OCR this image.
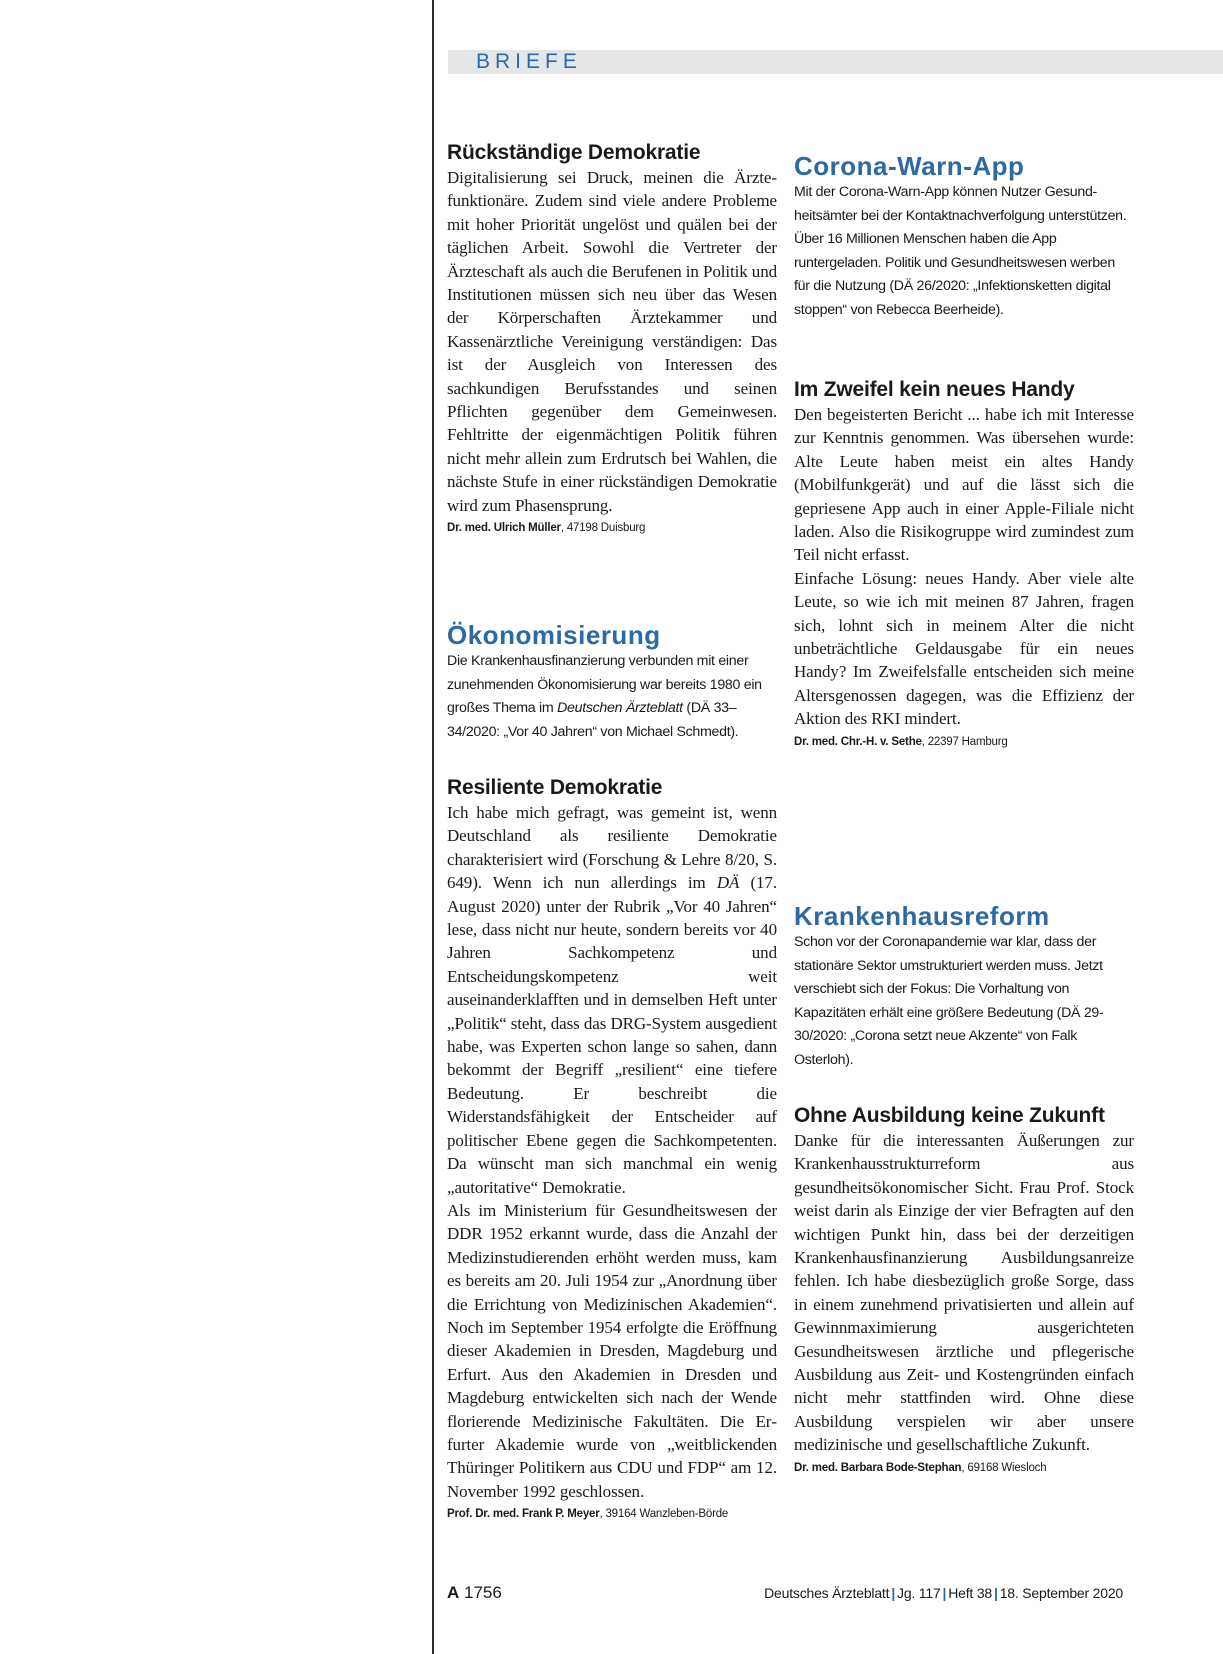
BRIEFE
Rückständige Demokratie

Digitalisierung sei Druck, meinen die Ärztefunktionäre. Zudem sind viele andere Probleme mit hoher Priorität ungelöst und quälen bei der täglichen Arbeit. Sowohl die Vertreter der Ärzteschaft als auch die Berufenen in Politik und Institutionen müssen sich neu über das Wesen der Körperschaften Ärztekammer und Kassenärztliche Vereinigung verständigen: Das ist der Ausgleich von Interessen des sachkundigen Berufsstandes und seinen Pflichten gegenüber dem Gemeinwesen. Fehltritte der eigenmächtigen Politik führen nicht mehr allein zum Erdrutsch bei Wahlen, die nächste Stufe in einer rückständigen Demokratie wird zum Phasensprung.

Dr. med. Ulrich Müller, 47198 Duisburg

Ökonomisierung

Die Krankenhausfinanzierung verbunden mit einer zunehmenden Ökonomisierung war bereits 1980 ein großes Thema im Deutschen Ärzteblatt (DÄ 33–34/2020: „Vor 40 Jahren“ von Michael Schmedt).

Resiliente Demokratie

Ich habe mich gefragt, was gemeint ist, wenn Deutschland als resiliente Demokratie charakterisiert wird (Forschung & Lehre 8/20, S. 649). Wenn ich nun allerdings im DÄ (17. August 2020) unter der Rubrik „Vor 40 Jahren“ lese, dass nicht nur heute, sondern bereits vor 40 Jahren Sachkompetenz und Entscheidungskompetenz weit auseinanderklafften und in demselben Heft unter „Politik“ steht, dass das DRG-System ausgedient habe, was Experten schon lange so sahen, dann bekommt der Begriff „resilient“ eine tiefere Bedeutung. Er beschreibt die Widerstandsfähigkeit der Entscheider auf politischer Ebene gegen die Sachkompetenten. Da wünscht man sich manchmal ein wenig „autoritative“ Demokratie.

Als im Ministerium für Gesundheitswesen der DDR 1952 erkannt wurde, dass die Anzahl der Medizinstudierenden erhöht werden muss, kam es bereits am 20. Juli 1954 zur „Anordnung über die Errichtung von Medizinischen Akademien“. Noch im September 1954 erfolgte die Eröffnung dieser Akademien in Dresden, Magdeburg und Erfurt. Aus den Akademien in Dresden und Magdeburg entwickelten sich nach der Wende florierende Medizinische Fakultäten. Die Erfurter Akademie wurde von „weitblickenden Thüringer Politikern aus CDU und FDP“ am 12. November 1992 geschlossen.

Prof. Dr. med. Frank P. Meyer, 39164 Wanzleben-Börde

Corona-Warn-App

Mit der Corona-Warn-App können Nutzer Gesundheitsämter bei der Kontaktnachverfolgung unterstützen. Über 16 Millionen Menschen haben die App runtergeladen. Politik und Gesundheitswesen werben für die Nutzung (DÄ 26/2020: „Infektionsketten digital stoppen“ von Rebecca Beerheide).

Im Zweifel kein neues Handy

Den begeisterten Bericht ... habe ich mit Interesse zur Kenntnis genommen. Was übersehen wurde: Alte Leute haben meist ein altes Handy (Mobilfunkgerät) und auf die lässt sich die gepriesene App auch in einer Apple-Filiale nicht laden. Also die Risikogruppe wird zumindest zum Teil nicht erfasst.

Einfache Lösung: neues Handy. Aber viele alte Leute, so wie ich mit meinen 87 Jahren, fragen sich, lohnt sich in meinem Alter die nicht unbeträchtliche Geldausgabe für ein neues Handy? Im Zweifelsfalle entscheiden sich meine Altersgenossen dagegen, was die Effizienz der Aktion des RKI mindert.

Dr. med. Chr.-H. v. Sethe, 22397 Hamburg

Krankenhausreform

Schon vor der Coronapandemie war klar, dass der stationäre Sektor umstrukturiert werden muss. Jetzt verschiebt sich der Fokus: Die Vorhaltung von Kapazitäten erhält eine größere Bedeutung (DÄ 29-30/2020: „Corona setzt neue Akzente“ von Falk Osterloh).

Ohne Ausbildung keine Zukunft

Danke für die interessanten Äußerungen zur Krankenhausstrukturreform aus gesundheitsökonomischer Sicht. Frau Prof. Stock weist darin als Einzige der vier Befragten auf den wichtigen Punkt hin, dass bei der derzeitigen Krankenhausfinanzierung Ausbildungsanreize fehlen. Ich habe diesbezüglich große Sorge, dass in einem zunehmend privatisierten und allein auf Gewinnmaximierung ausgerichteten Gesundheitswesen ärztliche und pflegerische Ausbildung aus Zeit- und Kostengründen einfach nicht mehr stattfinden wird. Ohne diese Ausbildung verspielen wir aber unsere medizinische und gesellschaftliche Zukunft.

Dr. med. Barbara Bode-Stephan, 69168 Wiesloch

A 1756	Deutsches Ärzteblatt | Jg. 117 | Heft 38 | 18. September 2020
